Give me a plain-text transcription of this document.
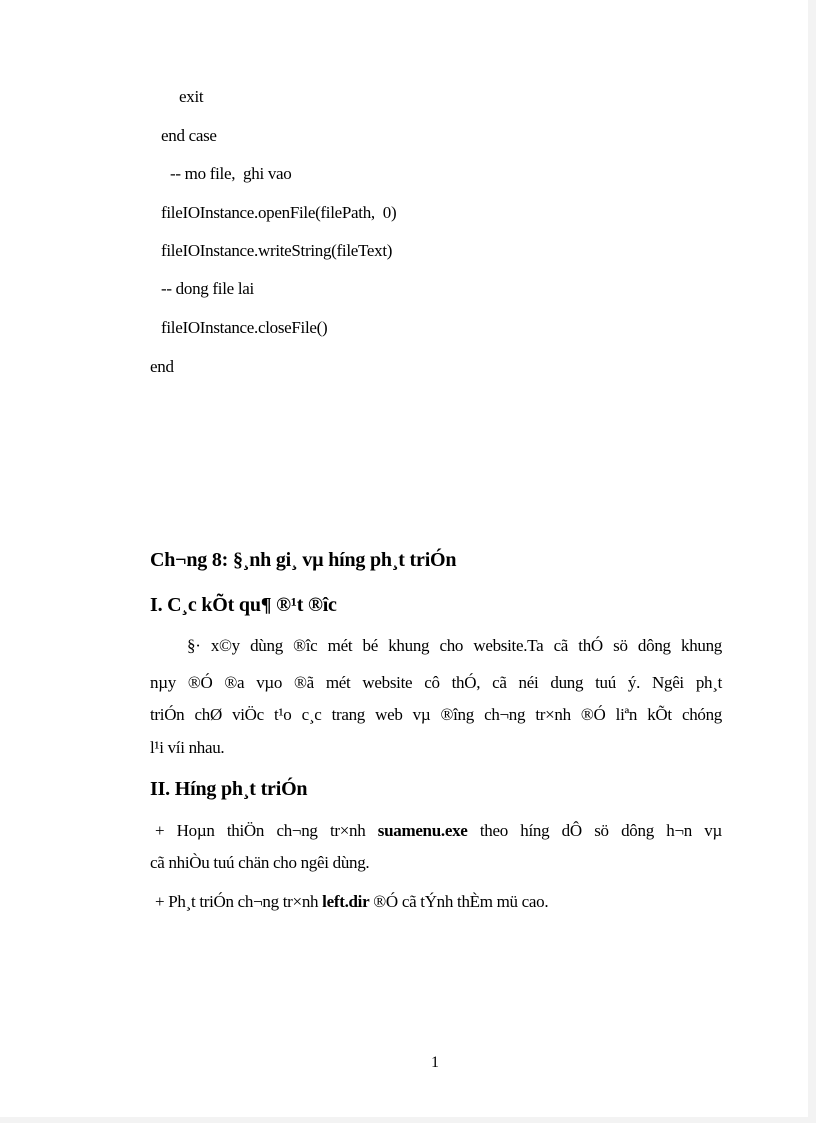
exit
end case
-- mo file,  ghi vao
fileIOInstance.openFile(filePath,  0)
fileIOInstance.writeString(fileText)
-- dong file lai
fileIOInstance.closeFile()
end
Ch¬ng 8: §¸nh gi¸ vµ híng ph¸t triÓn
I. C¸c kÕt qu¶ ®¹t ®îc
§· x©y dùng ®îc mét bé khung cho website.Ta cã thÓ sö dông khung
nµy ®Ó ®a vµo ®ã mét website cô thÓ, cã néi dung tuú ý. Ngêi ph¸t
triÓn chØ viÖc t¹o c¸c trang web vµ ®îng ch¬ng tr×nh ®Ó liªn kÕt chóng
l¹i víi nhau.
II. Híng ph¸t triÓn
+ Hoµn thiÖn ch¬ng tr×nh suamenu.exe theo híng dÔ sö dông h¬n vµ
cã nhiÒu tuú chän cho ngêi dùng.
+ Ph¸t triÓn ch¬ng tr×nh left.dir ®Ó cã tÝnh thÈm mü cao.
1
